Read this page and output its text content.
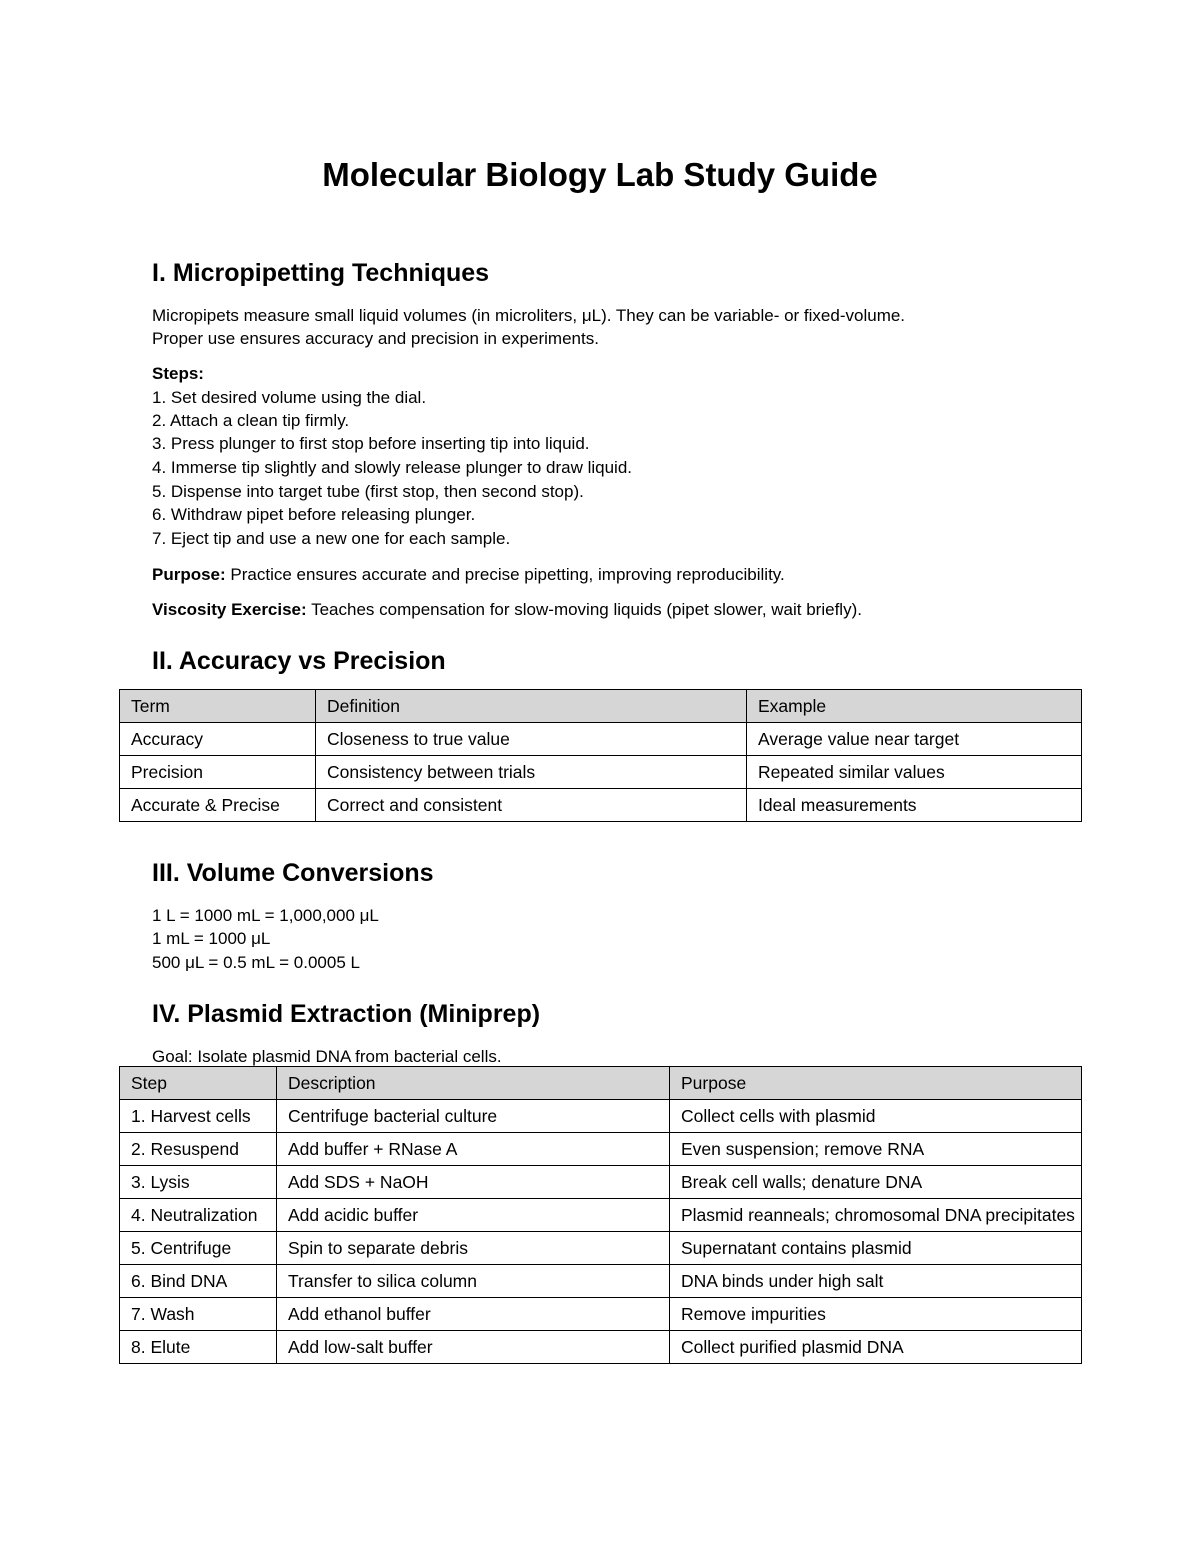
Molecular Biology Lab Study Guide
I. Micropipetting Techniques

Micropipets measure small liquid volumes (in microliters, μL). They can be variable- or fixed-volume.

Proper use ensures accuracy and precision in experiments.

Steps:

1. Set desired volume using the dial.

2. Attach a clean tip firmly.

3. Press plunger to first stop before inserting tip into liquid.

4. Immerse tip slightly and slowly release plunger to draw liquid.

5. Dispense into target tube (first stop, then second stop).

6. Withdraw pipet before releasing plunger.

7. Eject tip and use a new one for each sample.

Purpose: Practice ensures accurate and precise pipetting, improving reproducibility.

Viscosity Exercise: Teaches compensation for slow-moving liquids (pipet slower, wait briefly).

II. Accuracy vs Precision
Term	Definition	Example
Accuracy	Closeness to true value	Average value near target
Precision	Consistency between trials	Repeated similar values
Accurate & Precise	Correct and consistent	Ideal measurements
III. Volume Conversions

1 L = 1000 mL = 1,000,000 μL

1 mL = 1000 μL

500 μL = 0.5 mL = 0.0005 L

IV. Plasmid Extraction (Miniprep)

Goal: Isolate plasmid DNA from bacterial cells.

Step	Description	Purpose
1. Harvest cells	Centrifuge bacterial culture	Collect cells with plasmid
2. Resuspend	Add buffer + RNase A	Even suspension; remove RNA
3. Lysis	Add SDS + NaOH	Break cell walls; denature DNA
4. Neutralization	Add acidic buffer	Plasmid reanneals; chromosomal DNA precipitates
5. Centrifuge	Spin to separate debris	Supernatant contains plasmid
6. Bind DNA	Transfer to silica column	DNA binds under high salt
7. Wash	Add ethanol buffer	Remove impurities
8. Elute	Add low-salt buffer	Collect purified plasmid DNA
